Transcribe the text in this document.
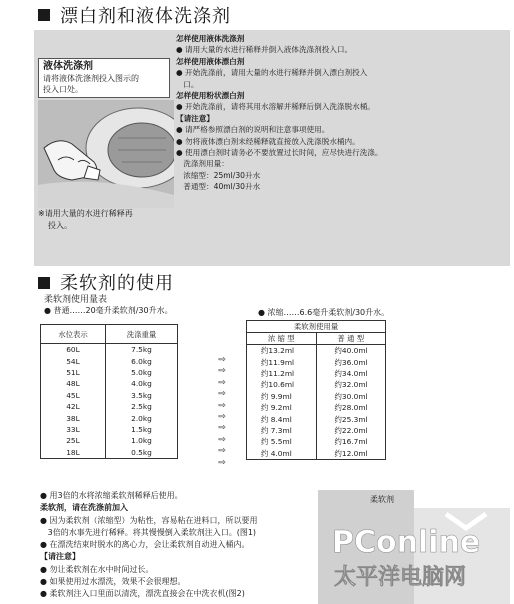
漂白剂和液体洗涤剂
液体洗涤剂
请将液体洗涤剂投入图示的
投入口处。
※请用大量的水进行稀释再
投入。
怎样使用液体洗涤剂
● 请用大量的水进行稀释并倒入液体洗涤剂投入口。
怎样使用液体漂白剂
● 开始洗涤前，请用大量的水进行稀释并倒入漂白剂投入
口。
怎样使用粉状漂白剂
● 开始洗涤前，请将其用水溶解并稀释后倒入洗涤脱水桶。
【请注意】
● 请严格参照漂白剂的说明和注意事项使用。
● 勿将液体漂白剂未经稀释就直接放入洗涤脱水桶内。
● 使用漂白剂时请务必不要放置过长时间，应尽快进行洗涤。
洗涤剂用量：
浓缩型：25ml/30升水
普通型：40ml/30升水
柔软剂的使用
柔软剂使用量表
● 普通……20毫升柔软剂/30升水。	● 浓缩……6.6毫升柔软剂/30升水。
水位表示	洗涤重量
60L	7.5kg
54L	6.0kg
51L	5.0kg
48L	4.0kg
45L	3.5kg
42L	2.5kg
38L	2.0kg
33L	1.5kg
25L	1.0kg
18L	0.5kg
⇨
⇨
⇨
⇨
⇨
⇨
⇨
⇨
⇨
⇨
柔软剂使用量	
浓 缩 型	普 通 型
约13.2ml	约40.0ml
约11.9ml	约36.0ml
约11.2ml	约34.0ml
约10.6ml	约32.0ml
约 9.9ml	约30.0ml
约 9.2ml	约28.0ml
约 8.4ml	约25.3ml
约 7.3ml	约22.0ml
约 5.5ml	约16.7ml
约 4.0ml	约12.0ml
● 用3倍的水将浓缩柔软剂稀释后使用。
柔软剂，请在洗涤前加入
● 因为柔软剂（浓缩型）为粘性，容易粘在进料口，所以要用
3倍的水事先进行稀释。将其慢慢倒入柔软剂注入口。(图1)
● 在漂洗结束时脱水的离心力，会让柔软剂自动进入桶内。
【请注意】
● 勿让柔软剂在水中时间过长。
● 如果使用过水漂洗，效果不会很理想。
● 柔软剂注入口里面以清洗，漂洗直接会在中洗衣机(图2)
柔软剂
PConline
太平洋电脑网
